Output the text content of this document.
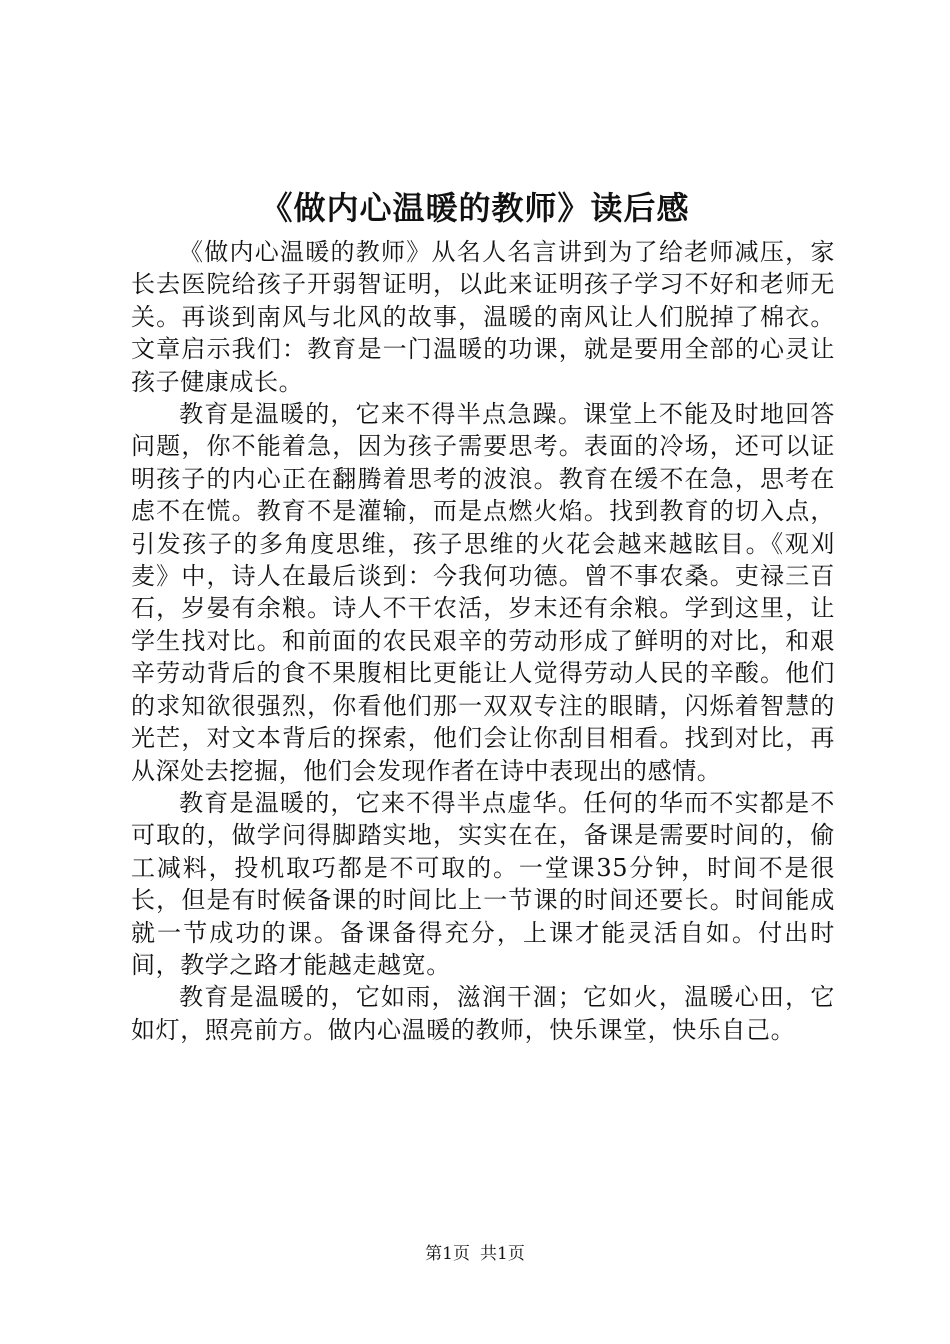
《做内心温暖的教师》读后感

《做内心温暖的教师》从名人名言讲到为了给老师减压，家长去医院给孩子开弱智证明，以此来证明孩子学习不好和老师无关。再谈到南风与北风的故事，温暖的南风让人们脱掉了棉衣。文章启示我们：教育是一门温暖的功课，就是要用全部的心灵让孩子健康成长。

教育是温暖的，它来不得半点急躁。课堂上不能及时地回答问题，你不能着急，因为孩子需要思考。表面的冷场，还可以证明孩子的内心正在翻腾着思考的波浪。教育在缓不在急，思考在虑不在慌。教育不是灌输，而是点燃火焰。找到教育的切入点，引发孩子的多角度思维，孩子思维的火花会越来越眩目。《观刈麦》中，诗人在最后谈到：今我何功德。曾不事农桑。吏禄三百石，岁晏有余粮。诗人不干农活，岁末还有余粮。学到这里，让学生找对比。和前面的农民艰辛的劳动形成了鲜明的对比，和艰辛劳动背后的食不果腹相比更能让人觉得劳动人民的辛酸。他们的求知欲很强烈，你看他们那一双双专注的眼睛，闪烁着智慧的光芒，对文本背后的探索，他们会让你刮目相看。找到对比，再从深处去挖掘，他们会发现作者在诗中表现出的感情。

教育是温暖的，它来不得半点虚华。任何的华而不实都是不可取的，做学问得脚踏实地，实实在在，备课是需要时间的，偷工减料，投机取巧都是不可取的。一堂课35分钟，时间不是很长，但是有时候备课的时间比上一节课的时间还要长。时间能成就一节成功的课。备课备得充分，上课才能灵活自如。付出时间，教学之路才能越走越宽。

教育是温暖的，它如雨，滋润干涸；它如火，温暖心田，它如灯，照亮前方。做内心温暖的教师，快乐课堂，快乐自己。

第1页 共1页
